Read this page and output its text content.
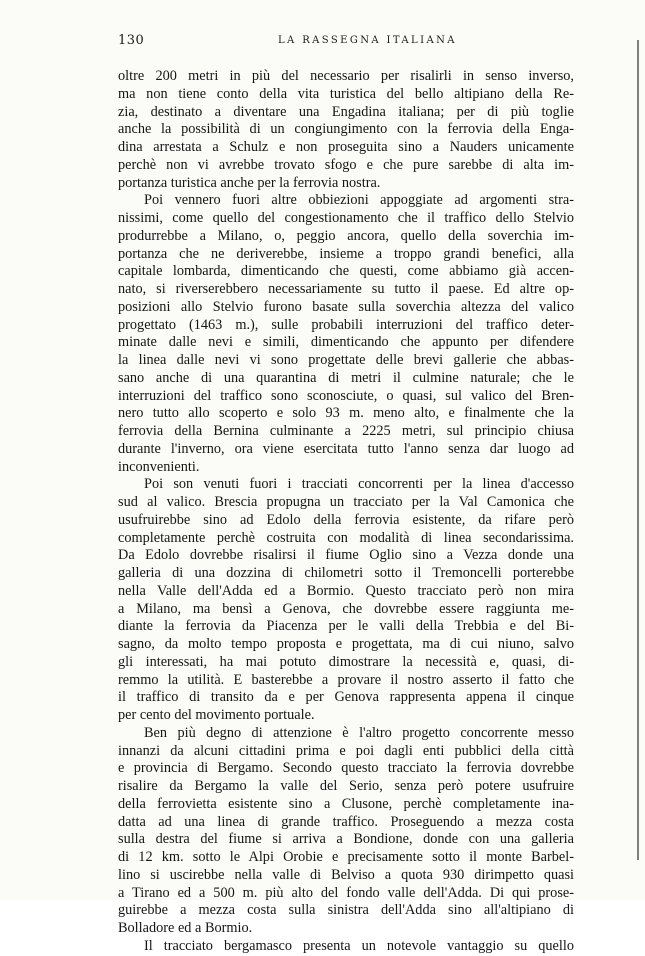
130	LA RASSEGNA ITALIANA
oltre 200 metri in più del necessario per risalirli in senso inverso,
ma non tiene conto della vita turistica del bello altipiano della Re-
zia, destinato a diventare una Engadina italiana; per di più toglie
anche la possibilità di un congiungimento con la ferrovia della Enga-
dina arrestata a Schulz e non proseguita sino a Nauders unicamente
perchè non vi avrebbe trovato sfogo e che pure sarebbe di alta im-
portanza turistica anche per la ferrovia nostra.
Poi vennero fuori altre obbiezioni appoggiate ad argomenti stra-
nissimi, come quello del congestionamento che il traffico dello Stelvio
produrrebbe a Milano, o, peggio ancora, quello della soverchia im-
portanza che ne deriverebbe, insieme a troppo grandi benefici, alla
capitale lombarda, dimenticando che questi, come abbiamo già accen-
nato, si riverserebbero necessariamente su tutto il paese. Ed altre op-
posizioni allo Stelvio furono basate sulla soverchia altezza del valico
progettato (1463 m.), sulle probabili interruzioni del traffico deter-
minate dalle nevi e simili, dimenticando che appunto per difendere
la linea dalle nevi vi sono progettate delle brevi gallerie che abbas-
sano anche di una quarantina di metri il culmine naturale; che le
interruzioni del traffico sono sconosciute, o quasi, sul valico del Bren-
nero tutto allo scoperto e solo 93 m. meno alto, e finalmente che la
ferrovia della Bernina culminante a 2225 metri, sul principio chiusa
durante l'inverno, ora viene esercitata tutto l'anno senza dar luogo ad
inconvenienti.
Poi son venuti fuori i tracciati concorrenti per la linea d'accesso
sud al valico. Brescia propugna un tracciato per la Val Camonica che
usufruirebbe sino ad Edolo della ferrovia esistente, da rifare però
completamente perchè costruita con modalità di linea secondarissima.
Da Edolo dovrebbe risalirsi il fiume Oglio sino a Vezza donde una
galleria di una dozzina di chilometri sotto il Tremoncelli porterebbe
nella Valle dell'Adda ed a Bormio. Questo tracciato però non mira
a Milano, ma bensì a Genova, che dovrebbe essere raggiunta me-
diante la ferrovia da Piacenza per le valli della Trebbia e del Bi-
sagno, da molto tempo proposta e progettata, ma di cui niuno, salvo
gli interessati, ha mai potuto dimostrare la necessità e, quasi, di-
remmo la utilità. E basterebbe a provare il nostro asserto il fatto che
il traffico di transito da e per Genova rappresenta appena il cinque
per cento del movimento portuale.
Ben più degno di attenzione è l'altro progetto concorrente messo
innanzi da alcuni cittadini prima e poi dagli enti pubblici della città
e provincia di Bergamo. Secondo questo tracciato la ferrovia dovrebbe
risalire da Bergamo la valle del Serio, senza però potere usufruire
della ferrovietta esistente sino a Clusone, perchè completamente ina-
datta ad una linea di grande traffico. Proseguendo a mezza costa
sulla destra del fiume si arriva a Bondione, donde con una galleria
di 12 km. sotto le Alpi Orobie e precisamente sotto il monte Barbel-
lino si uscirebbe nella valle di Belviso a quota 930 dirimpetto quasi
a Tirano ed a 500 m. più alto del fondo valle dell'Adda. Di qui prose-
guirebbe a mezza costa sulla sinistra dell'Adda sino all'altipiano di
Bolladore ed a Bormio.
Il tracciato bergamasco presenta un notevole vantaggio su quello
